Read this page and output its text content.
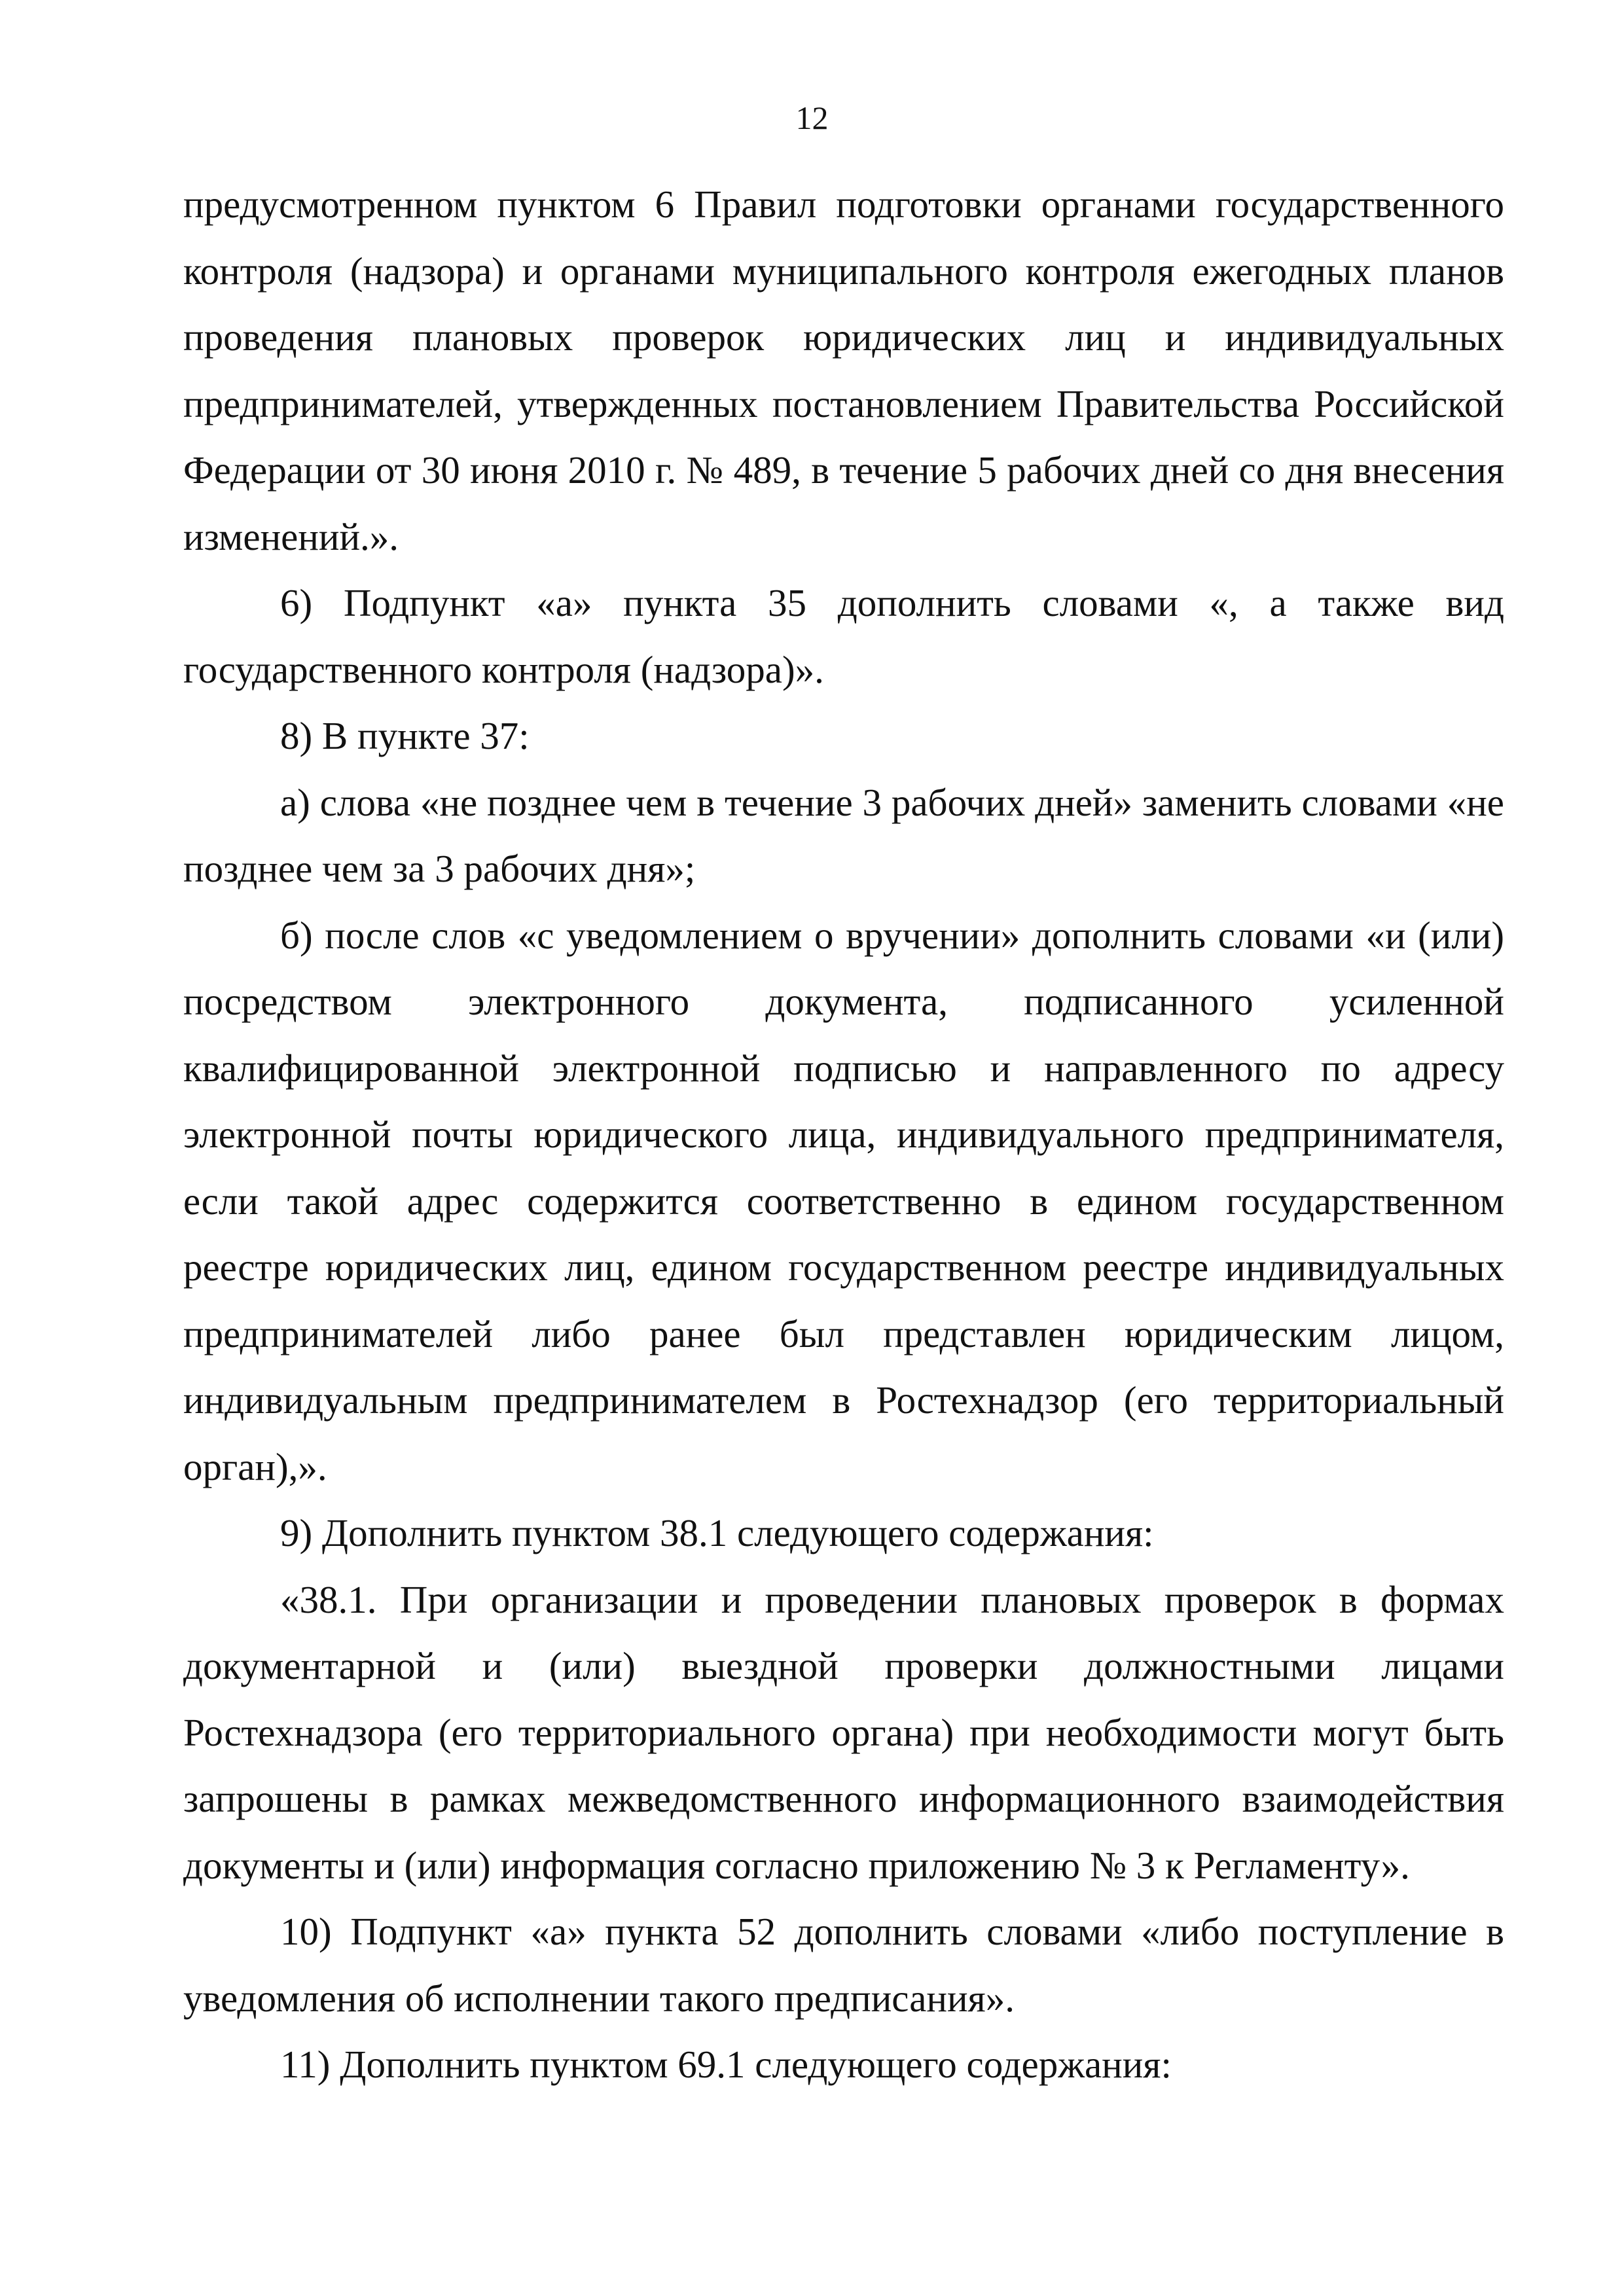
12

предусмотренном пунктом 6 Правил подготовки органами государственного контроля (надзора) и органами муниципального контроля ежегодных планов проведения плановых проверок юридических лиц и индивидуальных предпринимателей, утвержденных постановлением Правительства Российской Федерации от 30 июня 2010 г. № 489, в течение 5 рабочих дней со дня внесения изменений.».

6) Подпункт «а» пункта 35 дополнить словами «, а также вид государственного контроля (надзора)».

8) В пункте 37:

а) слова «не позднее чем в течение 3 рабочих дней» заменить словами «не позднее чем за 3 рабочих дня»;

б) после слов «с уведомлением о вручении» дополнить словами «и (или) посредством электронного документа, подписанного усиленной квалифицированной электронной подписью и направленного по адресу электронной почты юридического лица, индивидуального предпринимателя, если такой адрес содержится соответственно в едином государственном реестре юридических лиц, едином государственном реестре индивидуальных предпринимателей либо ранее был представлен юридическим лицом, индивидуальным предпринимателем в Ростехнадзор (его территориальный орган),».

9) Дополнить пунктом 38.1 следующего содержания:

«38.1. При организации и проведении плановых проверок в формах документарной и (или) выездной проверки должностными лицами Ростехнадзора (его территориального органа) при необходимости могут быть запрошены в рамках межведомственного информационного взаимодействия документы и (или) информация согласно приложению № 3 к Регламенту».

10) Подпункт «а» пункта 52 дополнить словами «либо поступление в уведомления об исполнении такого предписания».

11) Дополнить пунктом 69.1 следующего содержания:
